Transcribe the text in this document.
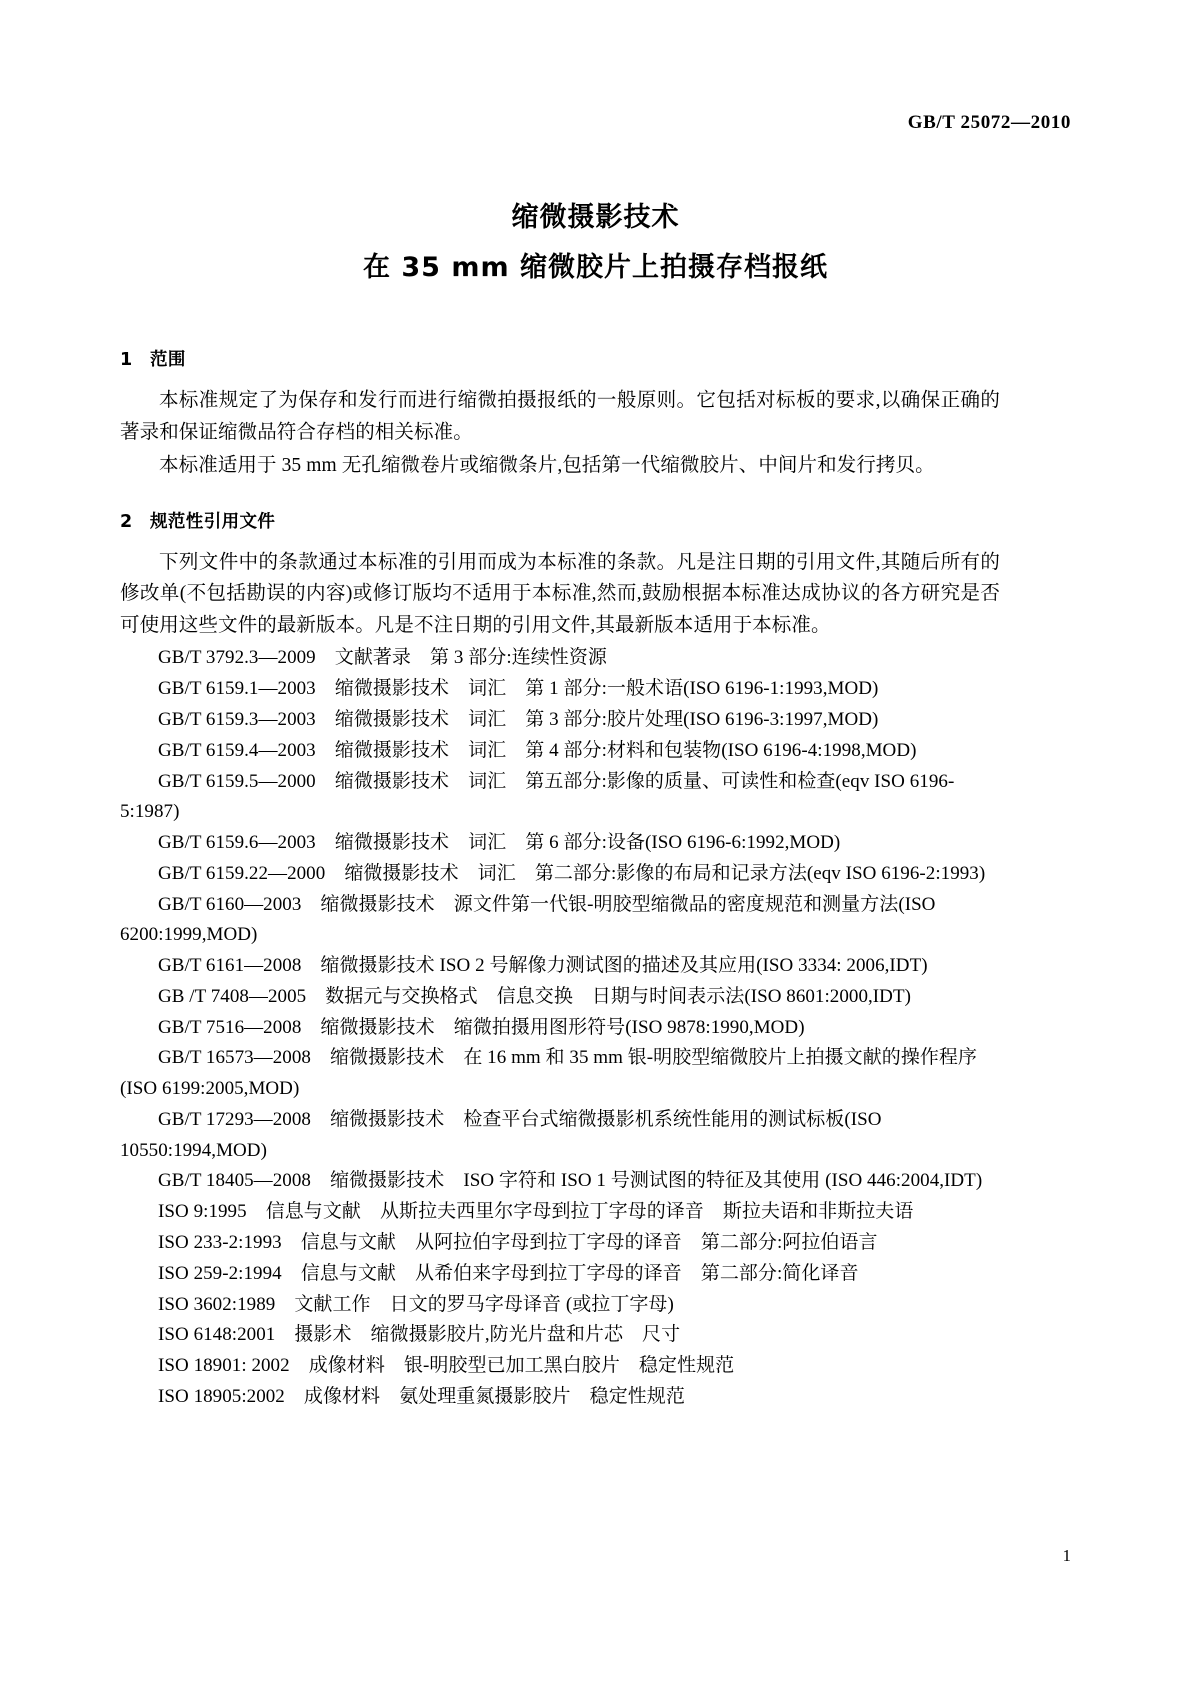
GB/T 25072—2010
缩微摄影技术
在 35 mm 缩微胶片上拍摄存档报纸
1 范围

本标准规定了为保存和发行而进行缩微拍摄报纸的一般原则。它包括对标板的要求,以确保正确的著录和保证缩微品符合存档的相关标准。

本标准适用于 35 mm 无孔缩微卷片或缩微条片,包括第一代缩微胶片、中间片和发行拷贝。

2 规范性引用文件

下列文件中的条款通过本标准的引用而成为本标准的条款。凡是注日期的引用文件,其随后所有的修改单(不包括勘误的内容)或修订版均不适用于本标准,然而,鼓励根据本标准达成协议的各方研究是否可使用这些文件的最新版本。凡是不注日期的引用文件,其最新版本适用于本标准。

GB/T 3792.3—2009　文献著录　第 3 部分:连续性资源
GB/T 6159.1—2003　缩微摄影技术　词汇　第 1 部分:一般术语(ISO 6196-1:1993,MOD)
GB/T 6159.3—2003　缩微摄影技术　词汇　第 3 部分:胶片处理(ISO 6196-3:1997,MOD)
GB/T 6159.4—2003　缩微摄影技术　词汇　第 4 部分:材料和包装物(ISO 6196-4:1998,MOD)
GB/T 6159.5—2000　缩微摄影技术　词汇　第五部分:影像的质量、可读性和检查(eqv ISO 6196-5:1987)
GB/T 6159.6—2003　缩微摄影技术　词汇　第 6 部分:设备(ISO 6196-6:1992,MOD)
GB/T 6159.22—2000　缩微摄影技术　词汇　第二部分:影像的布局和记录方法(eqv ISO 6196-2:1993)
GB/T 6160—2003　缩微摄影技术　源文件第一代银-明胶型缩微品的密度规范和测量方法(ISO 6200:1999,MOD)
GB/T 6161—2008　缩微摄影技术 ISO 2 号解像力测试图的描述及其应用(ISO 3334: 2006,IDT)
GB /T 7408—2005　数据元与交换格式　信息交换　日期与时间表示法(ISO 8601:2000,IDT)
GB/T 7516—2008　缩微摄影技术　缩微拍摄用图形符号(ISO 9878:1990,MOD)
GB/T 16573—2008　缩微摄影技术　在 16 mm 和 35 mm 银-明胶型缩微胶片上拍摄文献的操作程序(ISO 6199:2005,MOD)
GB/T 17293—2008　缩微摄影技术　检查平台式缩微摄影机系统性能用的测试标板(ISO 10550:1994,MOD)
GB/T 18405—2008　缩微摄影技术　ISO 字符和 ISO 1 号测试图的特征及其使用 (ISO 446:2004,IDT)
ISO 9:1995　信息与文献　从斯拉夫西里尔字母到拉丁字母的译音　斯拉夫语和非斯拉夫语
ISO 233-2:1993　信息与文献　从阿拉伯字母到拉丁字母的译音　第二部分:阿拉伯语言
ISO 259-2:1994　信息与文献　从希伯来字母到拉丁字母的译音　第二部分:简化译音
ISO 3602:1989　文献工作　日文的罗马字母译音 (或拉丁字母)
ISO 6148:2001　摄影术　缩微摄影胶片,防光片盘和片芯　尺寸
ISO 18901: 2002　成像材料　银-明胶型已加工黑白胶片　稳定性规范
ISO 18905:2002　成像材料　氨处理重氮摄影胶片　稳定性规范
1
